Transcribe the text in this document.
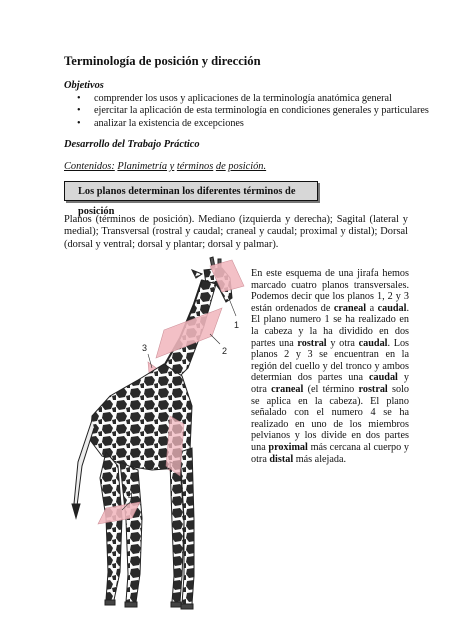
Terminología de posición y dirección
Objetivos
• comprender los usos y aplicaciones de la terminología anatómica general
• ejercitar la aplicación de esta terminología en condiciones generales y particulares
• analizar la existencia de excepciones
Desarrollo del Trabajo Práctico
Contenidos: Planimetría y términos de posición.
Los planos determinan los diferentes términos de posición
Planos (términos de posición). Mediano (izquierda y derecha); Sagital (lateral y medial); Transversal (rostral y caudal; craneal y caudal; proximal y distal); Dorsal (dorsal y ventral; dorsal y plantar; dorsal y palmar).
1
2
3
4
En este esquema de una jirafa hemos marcado cuatro planos transversales. Podemos decir que los planos 1, 2 y 3 están ordenados de craneal a caudal. El plano numero 1 se ha realizado en la cabeza y la ha dividido en dos partes una rostral y otra caudal. Los planos 2 y 3 se encuentran en la región del cuello y del tronco y ambos determian dos partes una caudal y otra craneal (el término rostral solo se aplica en la cabeza). El plano señalado con el numero 4 se ha realizado en uno de los miembros pelvianos y los divide en dos partes una proximal más cercana al cuerpo y otra distal más alejada.
